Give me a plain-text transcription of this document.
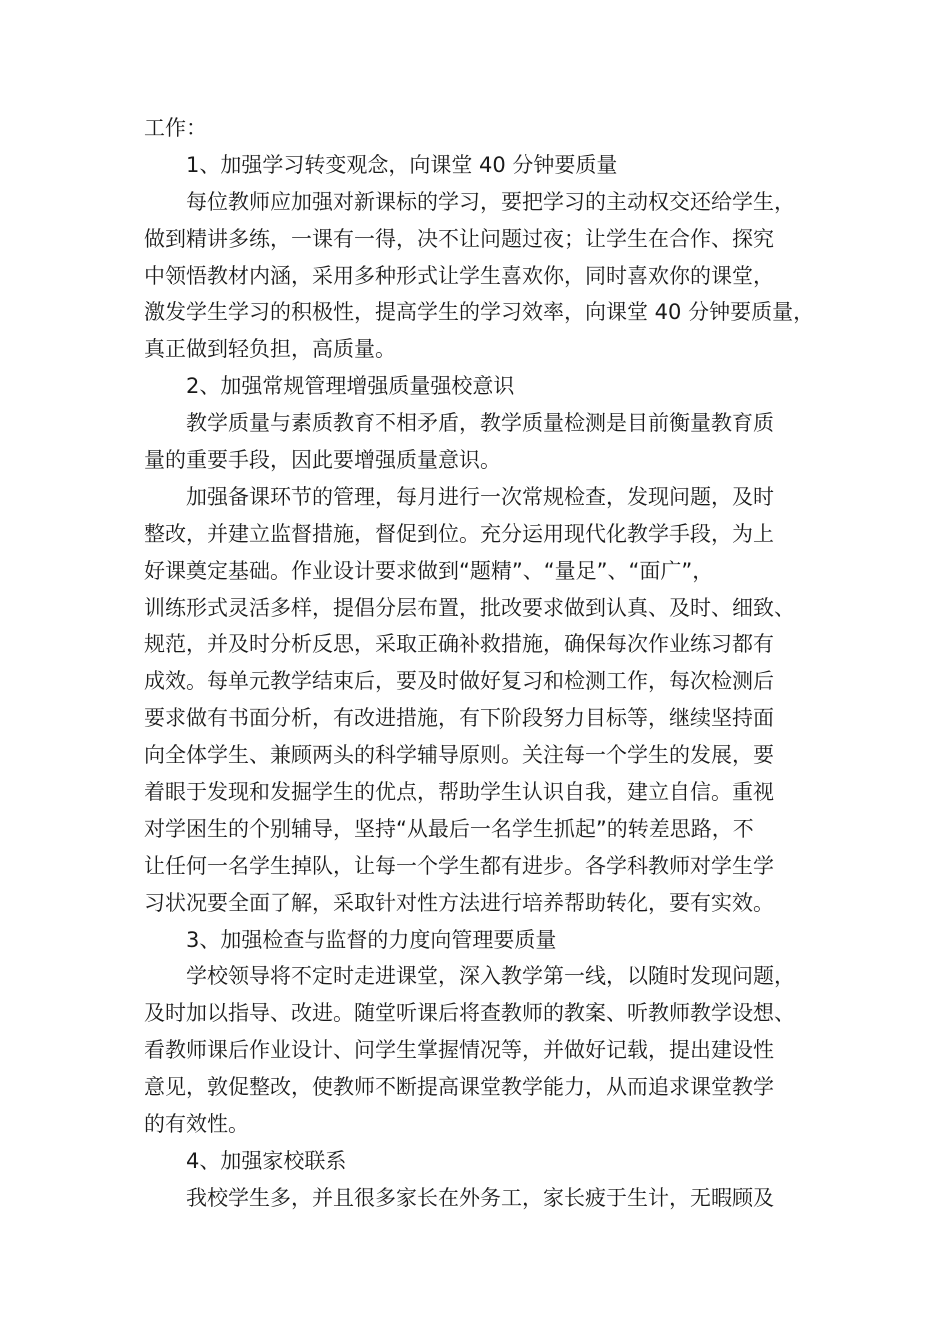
工作：
1、加强学习转变观念，向课堂 40 分钟要质量
每位教师应加强对新课标的学习，要把学习的主动权交还给学生，
做到精讲多练，一课有一得，决不让问题过夜；让学生在合作、探究
中领悟教材内涵，采用多种形式让学生喜欢你，同时喜欢你的课堂，
激发学生学习的积极性，提高学生的学习效率，向课堂 40 分钟要质量，
真正做到轻负担，高质量。
2、加强常规管理增强质量强校意识
教学质量与素质教育不相矛盾，教学质量检测是目前衡量教育质
量的重要手段，因此要增强质量意识。
加强备课环节的管理，每月进行一次常规检查，发现问题，及时
整改，并建立监督措施，督促到位。充分运用现代化教学手段，为上
好课奠定基础。作业设计要求做到“题精”、“量足”、“面广”，
训练形式灵活多样，提倡分层布置，批改要求做到认真、及时、细致、
规范，并及时分析反思，采取正确补救措施，确保每次作业练习都有
成效。每单元教学结束后，要及时做好复习和检测工作，每次检测后
要求做有书面分析，有改进措施，有下阶段努力目标等，继续坚持面
向全体学生、兼顾两头的科学辅导原则。关注每一个学生的发展，要
着眼于发现和发掘学生的优点，帮助学生认识自我，建立自信。重视
对学困生的个别辅导，坚持“从最后一名学生抓起”的转差思路，不
让任何一名学生掉队，让每一个学生都有进步。各学科教师对学生学
习状况要全面了解，采取针对性方法进行培养帮助转化，要有实效。
3、加强检查与监督的力度向管理要质量
学校领导将不定时走进课堂，深入教学第一线，以随时发现问题，
及时加以指导、改进。随堂听课后将查教师的教案、听教师教学设想、
看教师课后作业设计、问学生掌握情况等，并做好记载，提出建设性
意见，敦促整改，使教师不断提高课堂教学能力，从而追求课堂教学
的有效性。
4、加强家校联系
我校学生多，并且很多家长在外务工，家长疲于生计，无暇顾及
